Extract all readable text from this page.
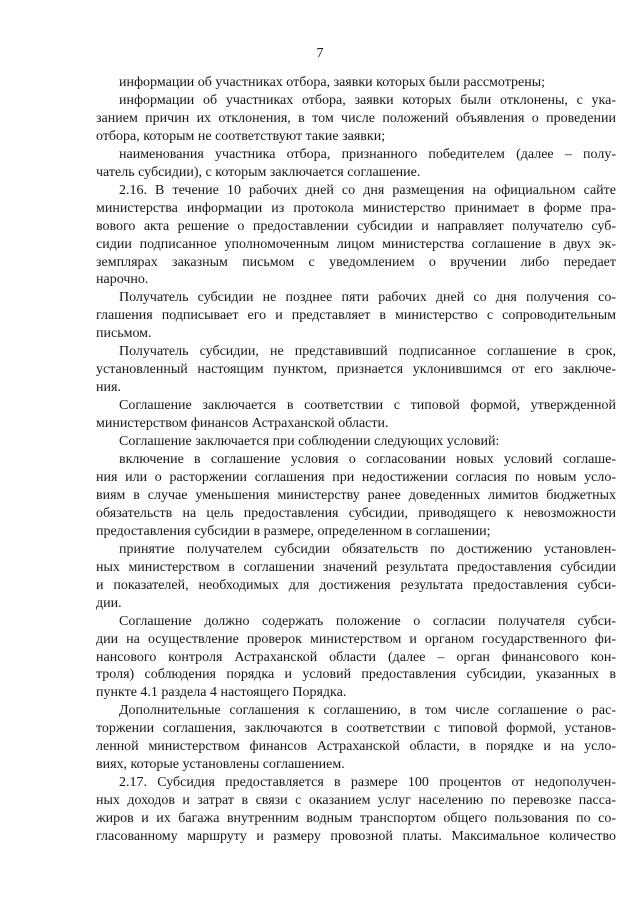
7
информации об участниках отбора, заявки которых были рассмотрены;
информации об участниках отбора, заявки которых были отклонены, с ука-
занием причин их отклонения, в том числе положений объявления о проведении
отбора, которым не соответствуют такие заявки;
наименования участника отбора, признанного победителем (далее – полу-
чатель субсидии), с которым заключается соглашение.
2.16. В течение 10 рабочих дней со дня размещения на официальном сайте
министерства информации из протокола министерство принимает в форме пра-
вового акта решение о предоставлении субсидии и направляет получателю суб-
сидии подписанное уполномоченным лицом министерства соглашение в двух эк-
земплярах заказным письмом с уведомлением о вручении либо передает
нарочно.
Получатель субсидии не позднее пяти рабочих дней со дня получения со-
глашения подписывает его и представляет в министерство с сопроводительным
письмом.
Получатель субсидии, не представивший подписанное соглашение в срок,
установленный настоящим пунктом, признается уклонившимся от его заключе-
ния.
Соглашение заключается в соответствии с типовой формой, утвержденной
министерством финансов Астраханской области.
Соглашение заключается при соблюдении следующих условий:
включение в соглашение условия о согласовании новых условий соглаше-
ния или о расторжении соглашения при недостижении согласия по новым усло-
виям в случае уменьшения министерству ранее доведенных лимитов бюджетных
обязательств на цель предоставления субсидии, приводящего к невозможности
предоставления субсидии в размере, определенном в соглашении;
принятие получателем субсидии обязательств по достижению установлен-
ных министерством в соглашении значений результата предоставления субсидии
и показателей, необходимых для достижения результата предоставления субси-
дии.
Соглашение должно содержать положение о согласии получателя субси-
дии на осуществление проверок министерством и органом государственного фи-
нансового контроля Астраханской области (далее – орган финансового кон-
троля) соблюдения порядка и условий предоставления субсидии, указанных в
пункте 4.1 раздела 4 настоящего Порядка.
Дополнительные соглашения к соглашению, в том числе соглашение о рас-
торжении соглашения, заключаются в соответствии с типовой формой, установ-
ленной министерством финансов Астраханской области, в порядке и на усло-
виях, которые установлены соглашением.
2.17. Субсидия предоставляется в размере 100 процентов от недополучен-
ных доходов и затрат в связи с оказанием услуг населению по перевозке пасса-
жиров и их багажа внутренним водным транспортом общего пользования по со-
гласованному маршруту и размеру провозной платы. Максимальное количество
